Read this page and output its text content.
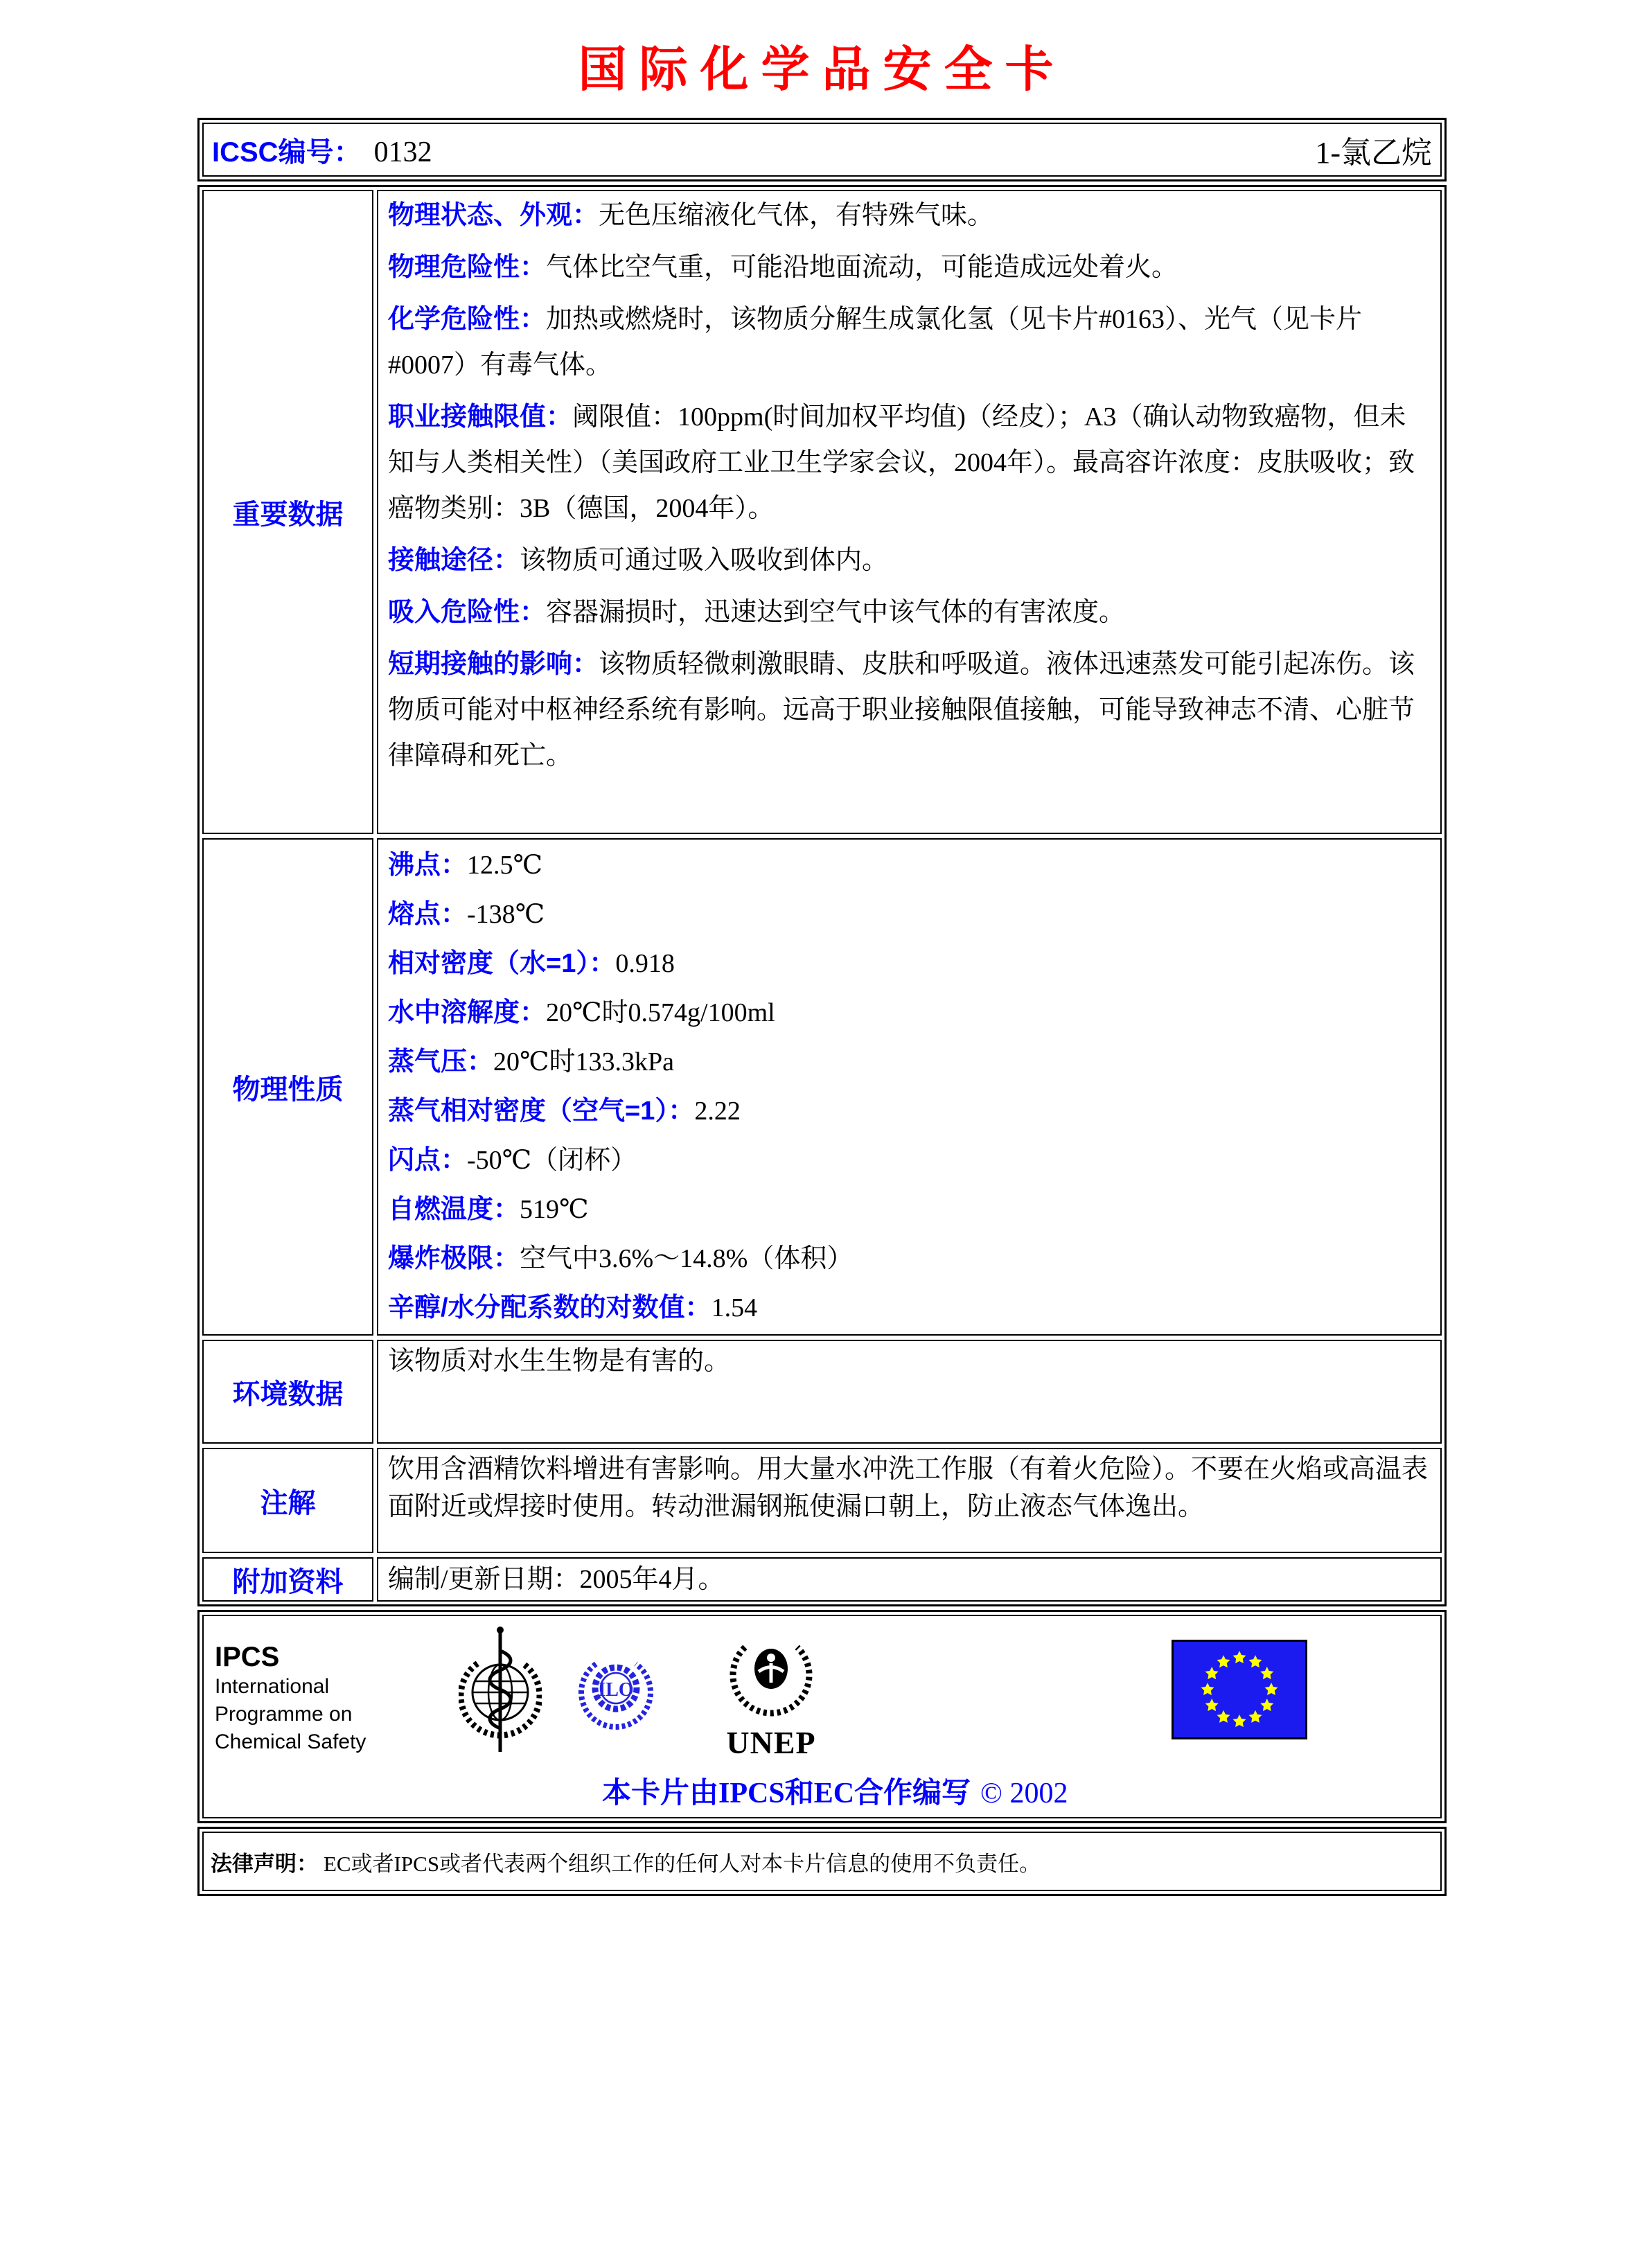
国际化学品安全卡
ICSC编号： 0132	1-氯乙烷
重要数据

物理状态、外观：无色压缩液化气体，有特殊气味。

物理危险性：气体比空气重，可能沿地面流动，可能造成远处着火。

化学危险性：加热或燃烧时，该物质分解生成氯化氢（见卡片#0163）、光气（见卡片#0007）有毒气体。

职业接触限值：阈限值：100ppm(时间加权平均值)（经皮）；A3（确认动物致癌物，但未知与人类相关性）（美国政府工业卫生学家会议，2004年）。最高容许浓度：皮肤吸收；致癌物类别：3B（德国，2004年）。

接触途径：该物质可通过吸入吸收到体内。

吸入危险性：容器漏损时，迅速达到空气中该气体的有害浓度。

短期接触的影响：该物质轻微刺激眼睛、皮肤和呼吸道。液体迅速蒸发可能引起冻伤。该物质可能对中枢神经系统有影响。远高于职业接触限值接触，可能导致神志不清、心脏节律障碍和死亡。

物理性质

沸点：12.5℃

熔点：-138℃

相对密度（水=1）：0.918

水中溶解度：20℃时0.574g/100ml

蒸气压：20℃时133.3kPa

蒸气相对密度（空气=1）：2.22

闪点：-50℃（闭杯）

自燃温度：519℃

爆炸极限：空气中3.6%～14.8%（体积）

辛醇/水分配系数的对数值：1.54

环境数据
该物质对水生生物是有害的。
注解
饮用含酒精饮料增进有害影响。用大量水冲洗工作服（有着火危险）。不要在火焰或高温表面附近或焊接时使用。转动泄漏钢瓶使漏口朝上，防止液态气体逸出。
附加资料	编制/更新日期：2005年4月。
IPCS
International
Programme on
Chemical Safety
ILO
UNEP
本卡片由IPCS和EC合作编写 © 2002
法律声明： EC或者IPCS或者代表两个组织工作的任何人对本卡片信息的使用不负责任。
